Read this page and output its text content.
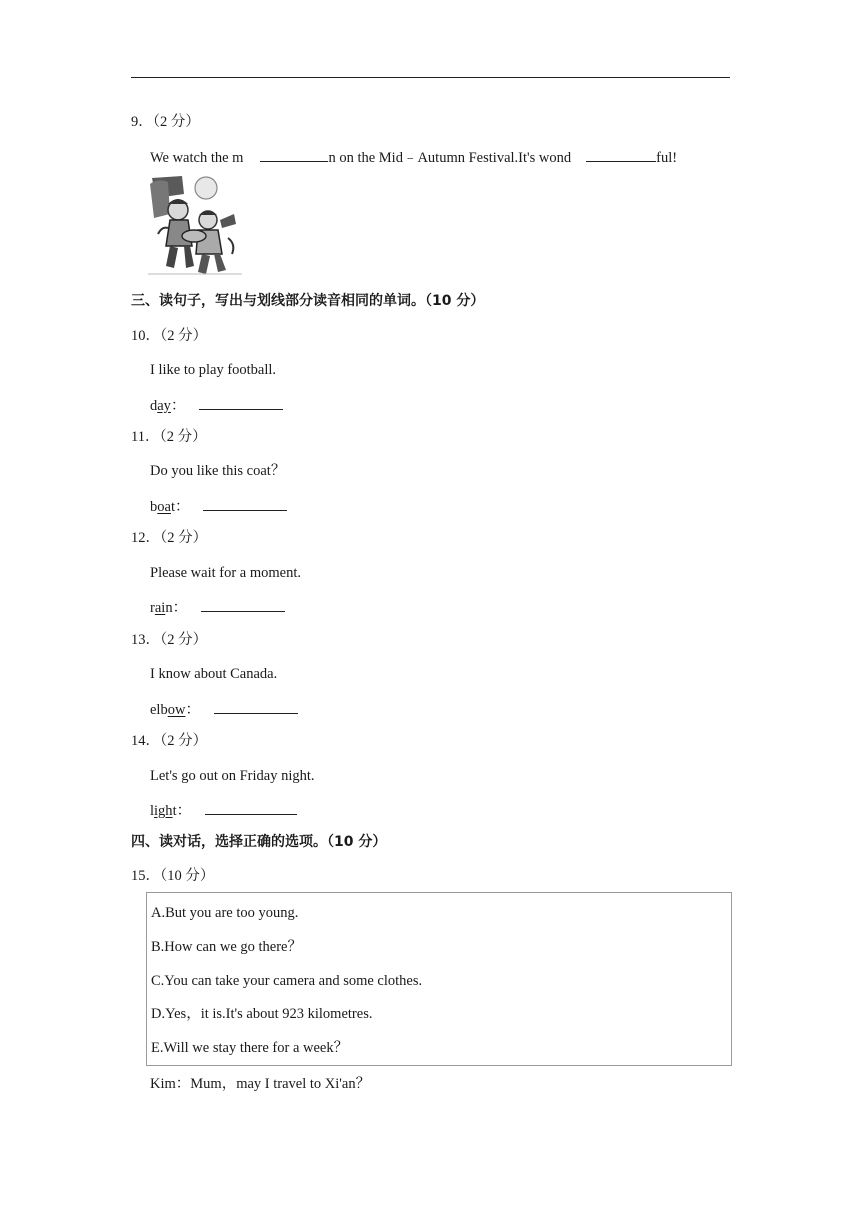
9．（2 分）
We watch the m	n on the Mid﹣Autumn Festival.It's wond	ful!
三、读句子，写出与划线部分读音相同的单词。（10 分）
10．（2 分）
I like to play football.
day：
11．（2 分）
Do you like this coat？
boat：
12．（2 分）
Please wait for a moment.
rain：
13．（2 分）
I know about Canada.
elbow：
14．（2 分）
Let's go out on Friday night.
light：
四、读对话，选择正确的选项。（10 分）
15．（10 分）
A.But you are too young.
B.How can we go there？
C.You can take your camera and some clothes.
D.Yes，it is.It's about 923 kilometres.
E.Will we stay there for a week？
Kim：Mum，may I travel to Xi'an？
